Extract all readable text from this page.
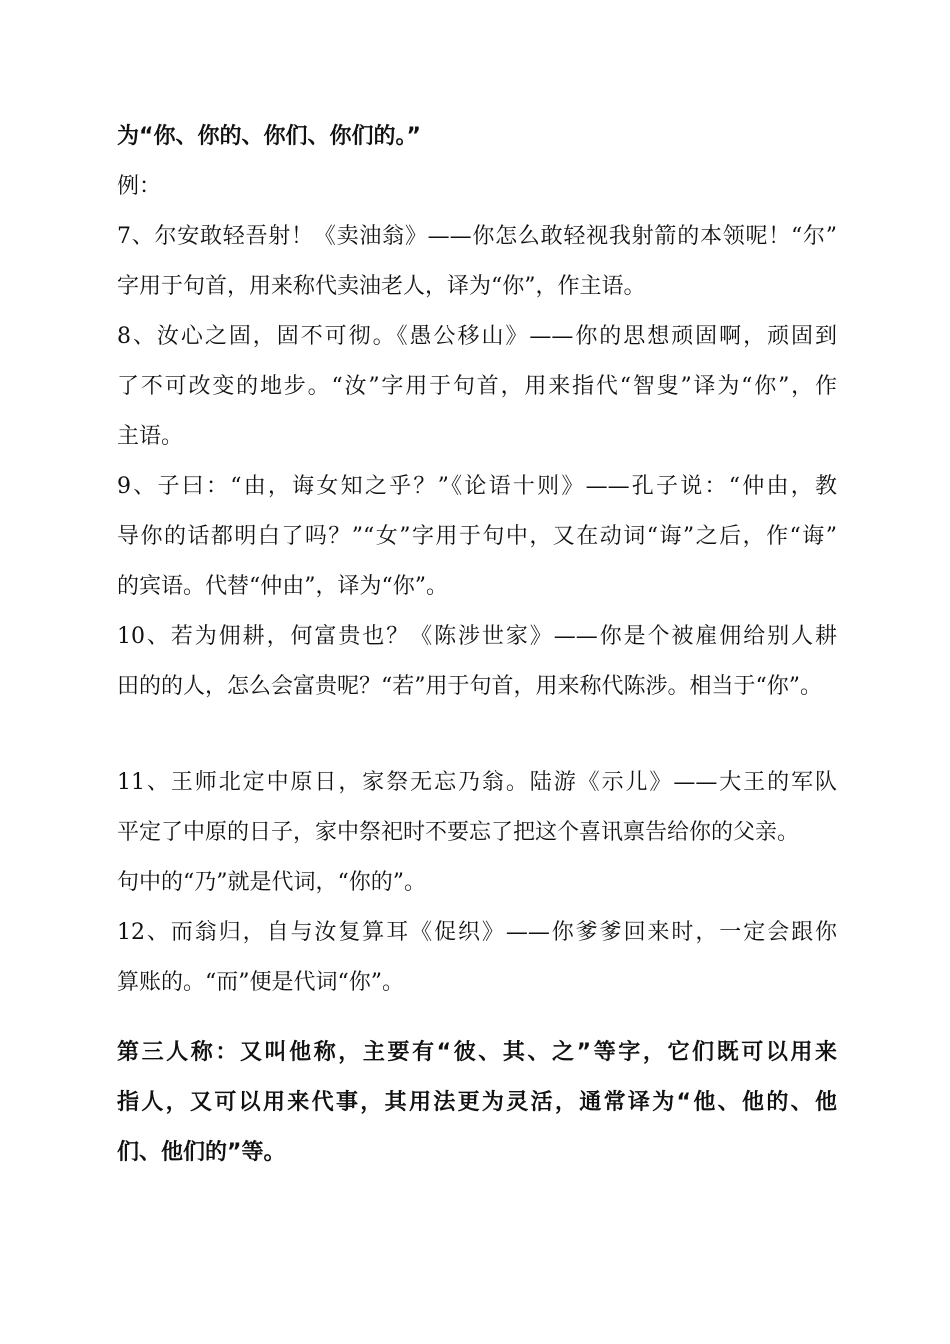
为“你、你的、你们、你们的。”
例：
7、尔安敢轻吾射！《卖油翁》——你怎么敢轻视我射箭的本领呢！“尔”
字用于句首，用来称代卖油老人，译为“你”，作主语。
8、汝心之固，固不可彻。《愚公移山》——你的思想顽固啊，顽固到
了不可改变的地步。“汝”字用于句首，用来指代“智叟”译为“你”，作
主语。
9、子曰：“由，诲女知之乎？”《论语十则》——孔子说：“仲由，教
导你的话都明白了吗？”“女”字用于句中，又在动词“诲”之后，作“诲”
的宾语。代替“仲由”，译为“你”。
10、若为佣耕，何富贵也？《陈涉世家》——你是个被雇佣给别人耕
田的的人，怎么会富贵呢？“若”用于句首，用来称代陈涉。相当于“你”。
11、王师北定中原日，家祭无忘乃翁。陆游《示儿》——大王的军队
平定了中原的日子，家中祭祀时不要忘了把这个喜讯禀告给你的父亲。
句中的“乃”就是代词，“你的”。
12、而翁归，自与汝复算耳《促织》——你爹爹回来时，一定会跟你
算账的。“而”便是代词“你”。
第三人称：又叫他称，主要有“彼、其、之”等字，它们既可以用来
指人，又可以用来代事，其用法更为灵活，通常译为“他、他的、他
们、他们的”等。
